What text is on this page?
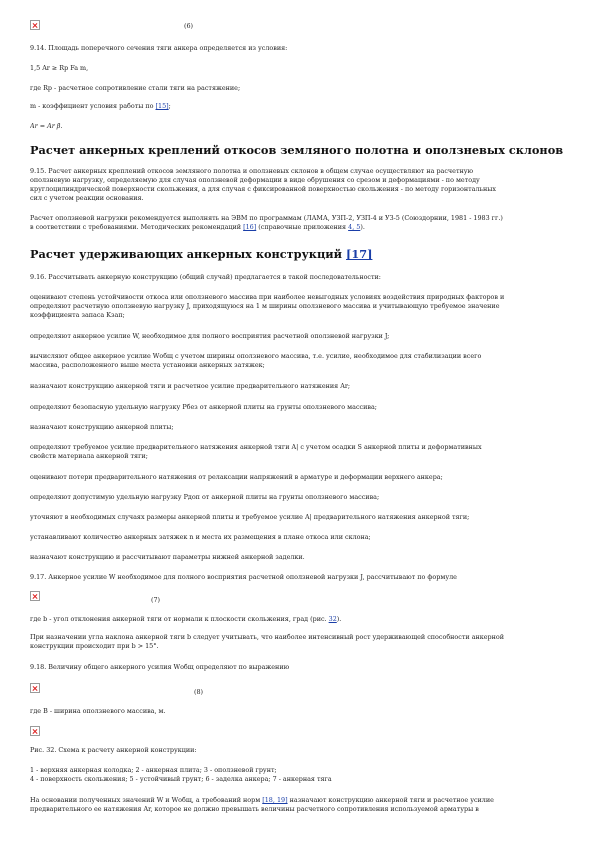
(6)
9.14. Площадь поперечного сечения тяги анкера определяется из условия:
1,5 Ar ≥ Rp Fa m,
где Rp - расчетное сопротивление стали тяги на растяжение;
m - коэффициент условия работы по [15];
Ar = Ar β.
Расчет анкерных креплений откосов земляного полотна и оползневых склонов
9.15. Расчет анкерных креплений откосов земляного полотна и оползневых склонов в общем случае осуществляют на расчетную
оползневую нагрузку, определяемую для случая оползневой деформации в виде обрушения со срезом и деформациями - по методу
круглоцилиндрической поверхности скольжения, а для случая с фиксированной поверхностью скольжения - по методу горизонтальных
сил с учетом реакции основания.
Расчет оползневой нагрузки рекомендуется выполнять на ЭВМ по программам (ЛАМА, УЗП-2, УЗП-4 и УЗ-5 (Союздорнии, 1981 - 1983 гг.)
в соответствии с требованиями. Методических рекомендаций [16] (справочные приложения 4, 5).
Расчет удерживающих анкерных конструкций [17]
9.16. Рассчитывать анкерную конструкцию (общий случай) предлагается в такой последовательности:
оценивают степень устойчивости откоса или оползневого массива при наиболее невыгодных условиях воздействия природных факторов и
определяют расчетную оползневую нагрузку J, приходящуюся на 1 м ширины оползневого массива и учитывающую требуемое значение
коэффициента запаса Kзап;
определяют анкерное усилие W, необходимое для полного восприятия расчетной оползневой нагрузки J;
вычисляют общее анкерное усилие Wобщ с учетом ширины оползневого массива, т.е. усилие, необходимое для стабилизации всего
массива, расположенного выше места установки анкерных затяжек;
назначают конструкцию анкерной тяги и расчетное усилие предварительного натяжения Ar;
определяют безопасную удельную нагрузку Pбез от анкерной плиты на грунты оползневого массива;
назначают конструкцию анкерной плиты;
определяют требуемое усилие предварительного натяжения анкерной тяги A| с учетом осадки S анкерной плиты и деформативных
свойств материала анкерной тяги;
оценивают потери предварительного натяжения от релаксации напряжений в арматуре и деформации верхнего анкера;
определяют допустимую удельную нагрузку Pдоп от анкерной плиты на грунты оползневого массива;
уточняют в необходимых случаях размеры анкерной плиты и требуемое усилие A| предварительного натяжения анкерной тяги;
устанавливают количество анкерных затяжек n и места их размещения в плане откоса или склона;
назначают конструкцию и рассчитывают параметры нижней анкерной заделки.
9.17. Анкерное усилие W необходимое для полного восприятия расчетной оползневой нагрузки J, рассчитывают по формуле
(7)
где b - угол отклонения анкерной тяги от нормали к плоскости скольжения, град (рис. 32).
При назначении угла наклона анкерной тяги b следует учитывать, что наиболее интенсивный рост удерживающей способности анкерной
конструкции происходит при b > 15°.
9.18. Величину общего анкерного усилия Wобщ определяют по выражению
(8)
где B - ширина оползневого массива, м.
Рис. 32. Схема к расчету анкерной конструкции:
1 - верхняя анкерная колодка; 2 - анкерная плита; 3 - оползневой грунт;
4 - поверхность скольжения; 5 - устойчивый грунт; 6 - заделка анкера; 7 - анкерная тяга
На основании полученных значений W и Wобщ, а требований норм [18, 19] назначают конструкцию анкерной тяги и расчетное усилие
предварительного ее натяжения Ar, которое не должно превышать величины расчетного сопротивления используемой арматуры в
